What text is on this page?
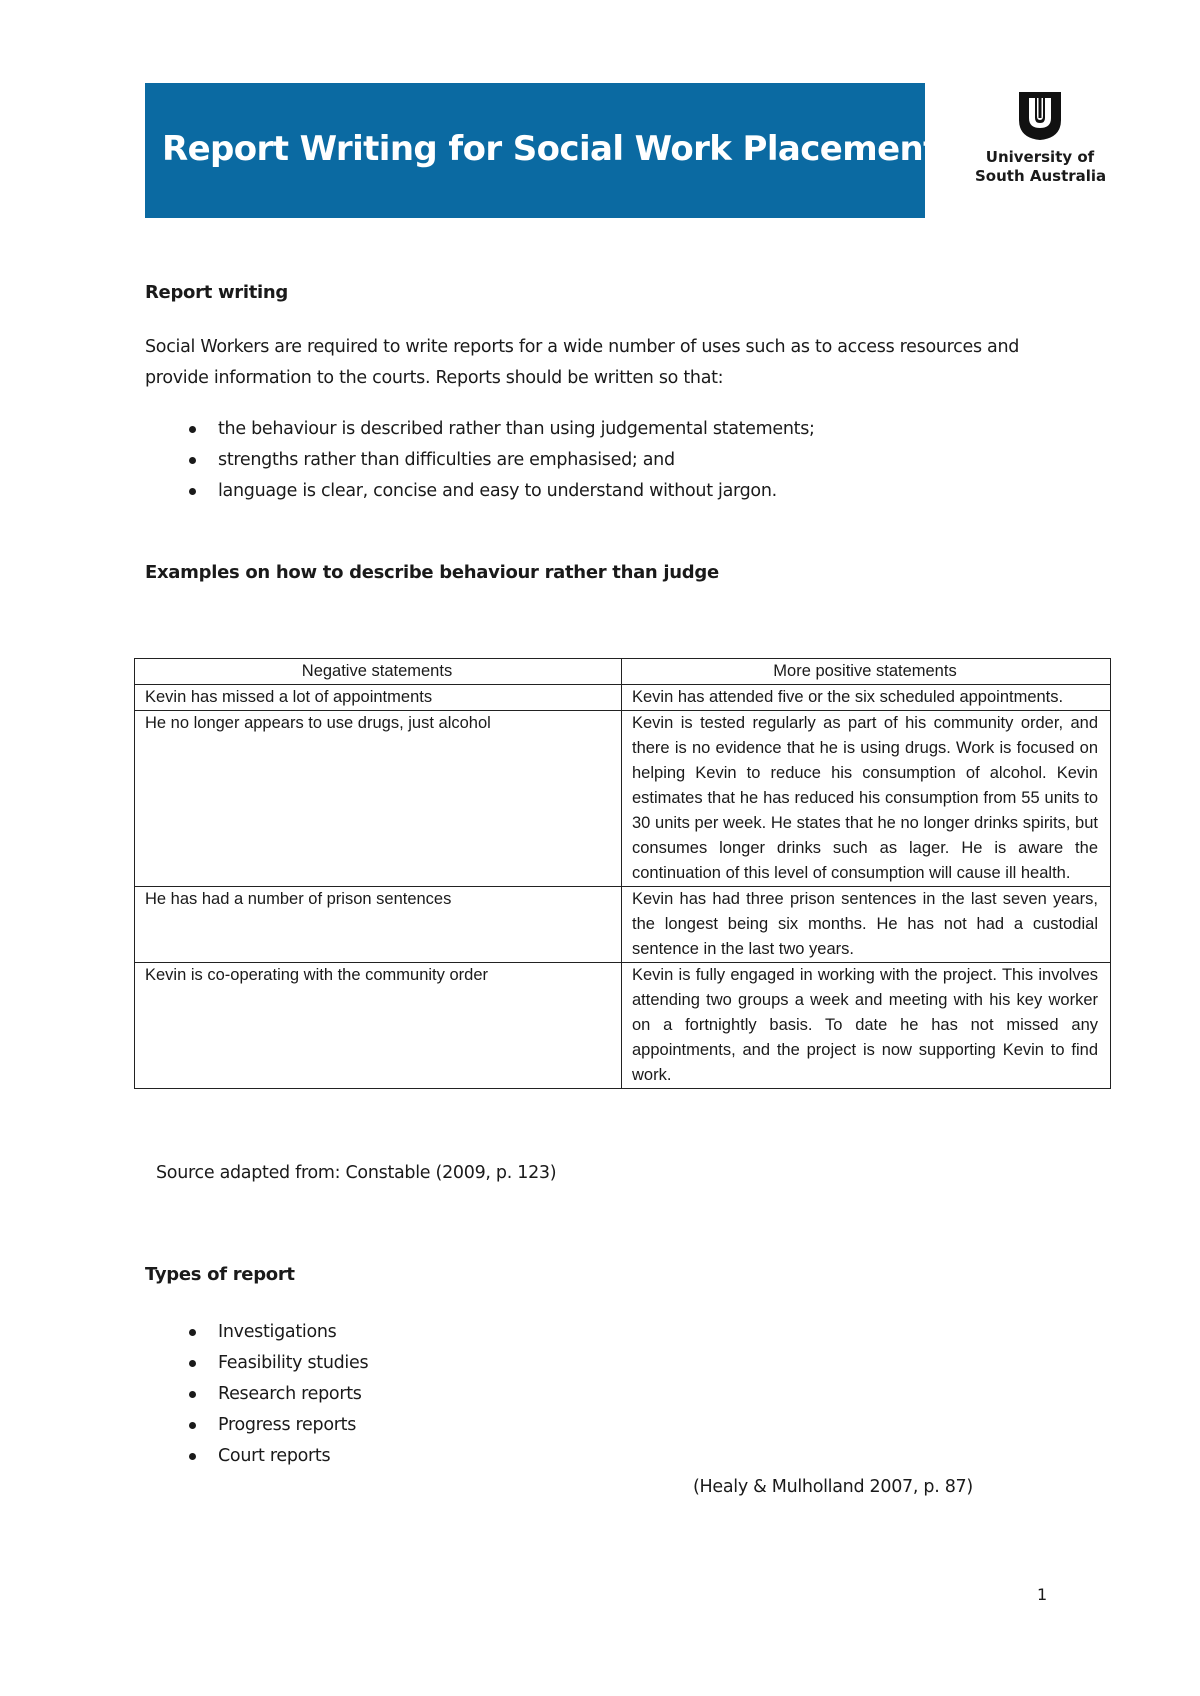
Report Writing for Social Work Placement	University of
South Australia
Report writing
Social Workers are required to write reports for a wide number of uses such as to access resources and
provide information to the courts. Reports should be written so that:
the behaviour is described rather than using judgemental statements;
strengths rather than difficulties are emphasised; and
language is clear, concise and easy to understand without jargon.
Examples on how to describe behaviour rather than judge
Negative statements	More positive statements
Kevin has missed a lot of appointments	Kevin has attended five or the six scheduled appointments.
He no longer appears to use drugs, just alcohol	Kevin is tested regularly as part of his community order, and there is no evidence that he is using drugs. Work is focused on helping Kevin to reduce his consumption of alcohol. Kevin estimates that he has reduced his consumption from 55 units to 30 units per week. He states that he no longer drinks spirits, but consumes longer drinks such as lager. He is aware the continuation of this level of consumption will cause ill health.
He has had a number of prison sentences	Kevin has had three prison sentences in the last seven years, the longest being six months. He has not had a custodial sentence in the last two years.
Kevin is co-operating with the community order	Kevin is fully engaged in working with the project. This involves attending two groups a week and meeting with his key worker on a fortnightly basis. To date he has not missed any appointments, and the project is now supporting Kevin to find work.
Source adapted from: Constable (2009, p. 123)
Types of report
Investigations
Feasibility studies
Research reports
Progress reports
Court reports
(Healy & Mulholland 2007, p. 87)
1
